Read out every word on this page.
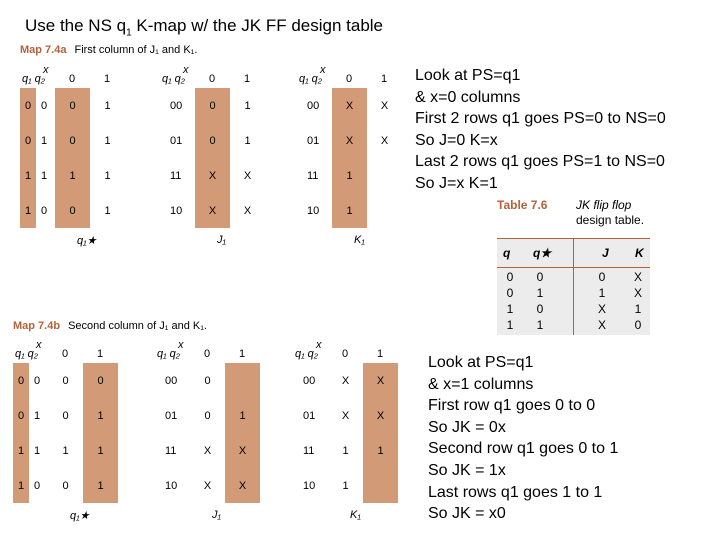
Use the NS $q_1$ K-map w/ the JK FF design table
Map 7.4a First column of J₁ and K₁.
Map 7.4b Second column of J₁ and K₁.
x
q₁ q₂ 0	1
0 0	0	1
0 1	0	1
1 1	1	1
1 0	0	1
q₁★
x
q₁ q₂ 0	1
00	0	1
01	0	1
11	X	X
10	X	X
J₁
x
q₁ q₂ 0	1
00	X	X
01	X	X
11	1
10	1
K₁
x
q₁ q₂ 0	1
0 0	0	0
0 1	0	1
1 1	1	1
1 0	0	1
q₁★
x
q₁ q₂ 0	1
00	0
01	0	1
11	X	X
10	X	X
J₁
x
q₁ q₂ 0	1
00	X	X
01	X	X
11	1	1
10	1
K₁
Look at PS=q1
& x=0 columns
First 2 rows q1 goes PS=0 to NS=0
So J=0 K=x
Last 2 rows q1 goes PS=1 to NS=0
So J=x K=1
Look at PS=q1
& x=1 columns
First row q1 goes 0 to 0
So JK = 0x
Second row q1 goes 0 to 1
So JK = 1x
Last rows q1 goes 1 to 1
So JK = x0
Table 7.6	JK flip flop
design table.
q q★	J K
0	0	0	X
0	1	1	X
1	0	X	1
1	1	X	0
